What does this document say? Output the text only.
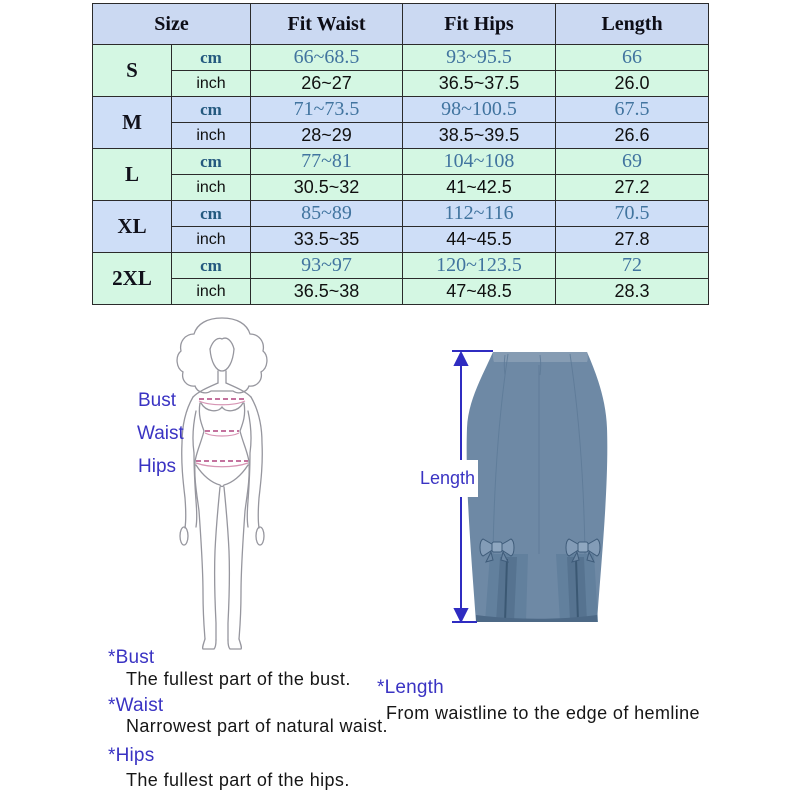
Size		Fit Waist	Fit Hips	Length
S	cm	66~68.5	93~95.5	66
	inch	26~27	36.5~37.5	26.0
M	cm	71~73.5	98~100.5	67.5
	inch	28~29	38.5~39.5	26.6
L	cm	77~81	104~108	69
	inch	30.5~32	41~42.5	27.2
XL	cm	85~89	112~116	70.5
	inch	33.5~35	44~45.5	27.8
2XL	cm	93~97	120~123.5	72
	inch	36.5~38	47~48.5	28.3
Bust
Waist
Hips
Length
*Bust
The fullest part of the bust.
*Waist
Narrowest part of natural waist.
*Hips
The fullest part of the hips.
*Length
From waistline to the edge of hemline
